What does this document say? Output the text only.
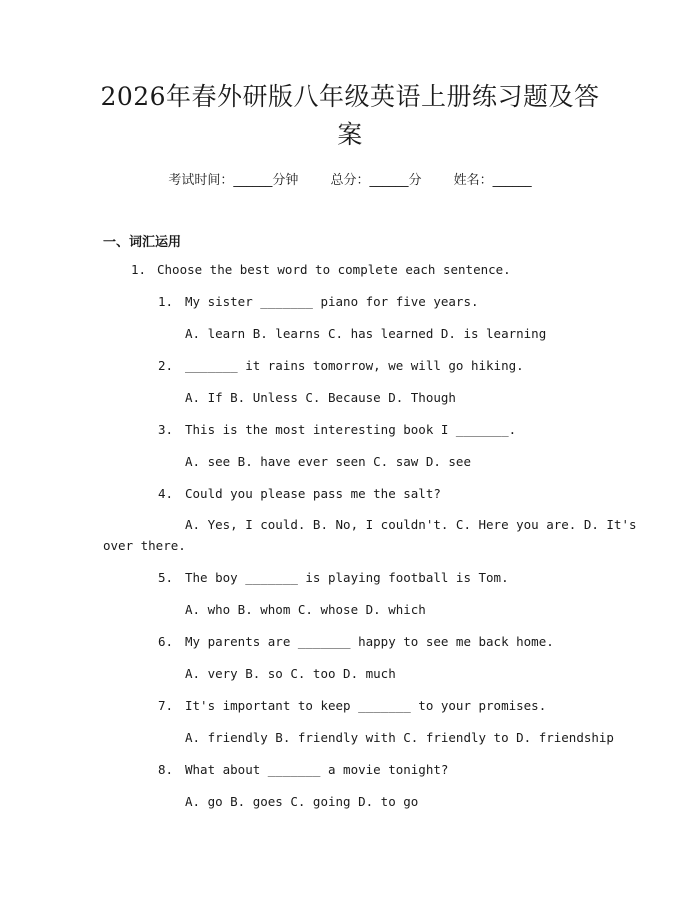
2026年春外研版八年级英语上册练习题及答案
考试时间：______分钟 总分：______分 姓名：______
一、词汇运用
1. Choose the best word to complete each sentence.
1. My sister _______ piano for five years.
A. learn B. learns C. has learned D. is learning
2. _______ it rains tomorrow, we will go hiking.
A. If B. Unless C. Because D. Though
3. This is the most interesting book I _______.
A. see B. have ever seen C. saw D. see
4. Could you please pass me the salt?
A. Yes, I could. B. No, I couldn't. C. Here you are. D. It's
over there.
5. The boy _______ is playing football is Tom.
A. who B. whom C. whose D. which
6. My parents are _______ happy to see me back home.
A. very B. so C. too D. much
7. It's important to keep _______ to your promises.
A. friendly B. friendly with C. friendly to D. friendship
8. What about _______ a movie tonight?
A. go B. goes C. going D. to go
